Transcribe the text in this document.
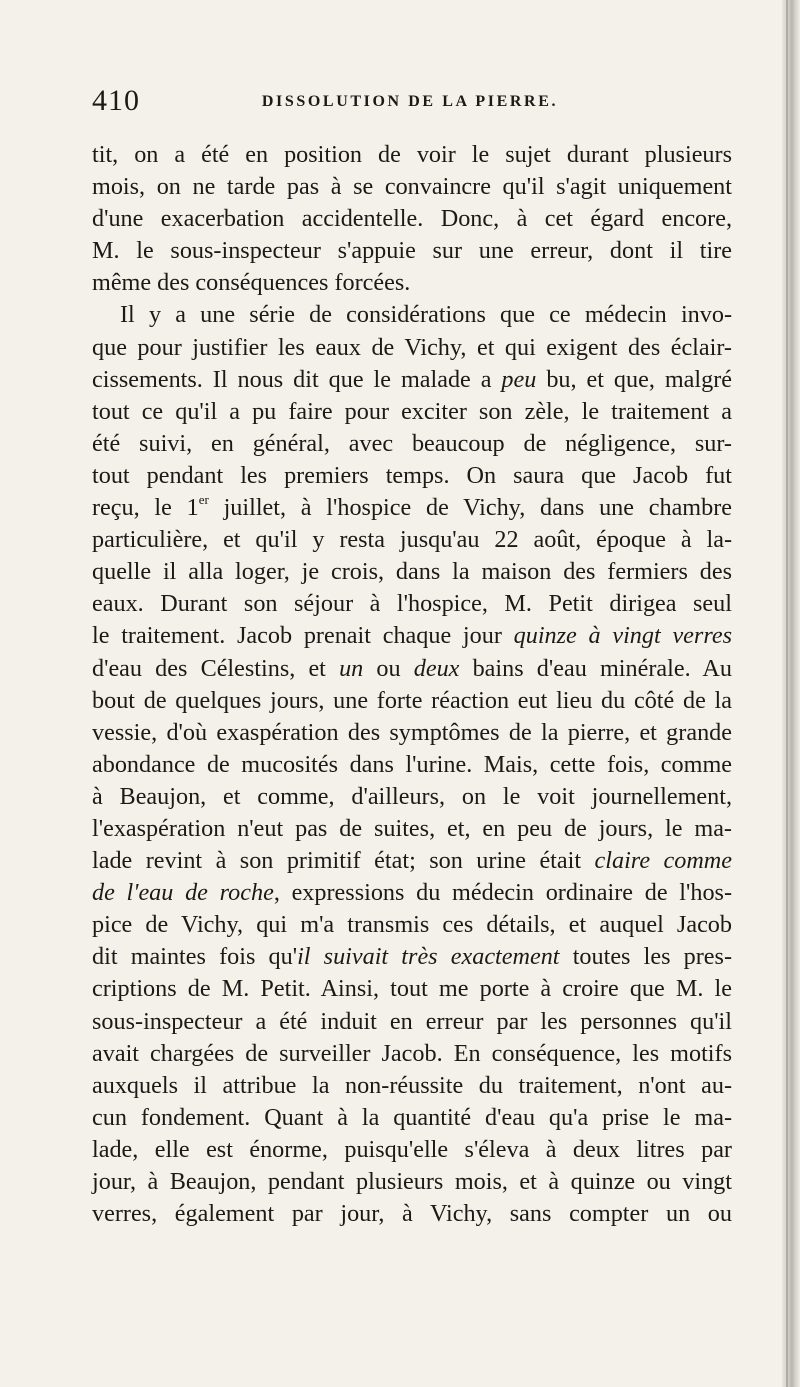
410	DISSOLUTION DE LA PIERRE.
tit, on a été en position de voir le sujet durant plusieurs
mois, on ne tarde pas à se convaincre qu'il s'agit uniquement
d'une exacerbation accidentelle. Donc, à cet égard encore,
M. le sous-inspecteur s'appuie sur une erreur, dont il tire
même des conséquences forcées.
Il y a une série de considérations que ce médecin invo-
que pour justifier les eaux de Vichy, et qui exigent des éclair-
cissements. Il nous dit que le malade a peu bu, et que, malgré
tout ce qu'il a pu faire pour exciter son zèle, le traitement a
été suivi, en général, avec beaucoup de négligence, sur-
tout pendant les premiers temps. On saura que Jacob fut
reçu, le 1er juillet, à l'hospice de Vichy, dans une chambre
particulière, et qu'il y resta jusqu'au 22 août, époque à la-
quelle il alla loger, je crois, dans la maison des fermiers des
eaux. Durant son séjour à l'hospice, M. Petit dirigea seul
le traitement. Jacob prenait chaque jour quinze à vingt verres
d'eau des Célestins, et un ou deux bains d'eau minérale. Au
bout de quelques jours, une forte réaction eut lieu du côté de la
vessie, d'où exaspération des symptômes de la pierre, et grande
abondance de mucosités dans l'urine. Mais, cette fois, comme
à Beaujon, et comme, d'ailleurs, on le voit journellement,
l'exaspération n'eut pas de suites, et, en peu de jours, le ma-
lade revint à son primitif état; son urine était claire comme
de l'eau de roche, expressions du médecin ordinaire de l'hos-
pice de Vichy, qui m'a transmis ces détails, et auquel Jacob
dit maintes fois qu'il suivait très exactement toutes les pres-
criptions de M. Petit. Ainsi, tout me porte à croire que M. le
sous-inspecteur a été induit en erreur par les personnes qu'il
avait chargées de surveiller Jacob. En conséquence, les motifs
auxquels il attribue la non-réussite du traitement, n'ont au-
cun fondement. Quant à la quantité d'eau qu'a prise le ma-
lade, elle est énorme, puisqu'elle s'éleva à deux litres par
jour, à Beaujon, pendant plusieurs mois, et à quinze ou vingt
verres, également par jour, à Vichy, sans compter un ou
